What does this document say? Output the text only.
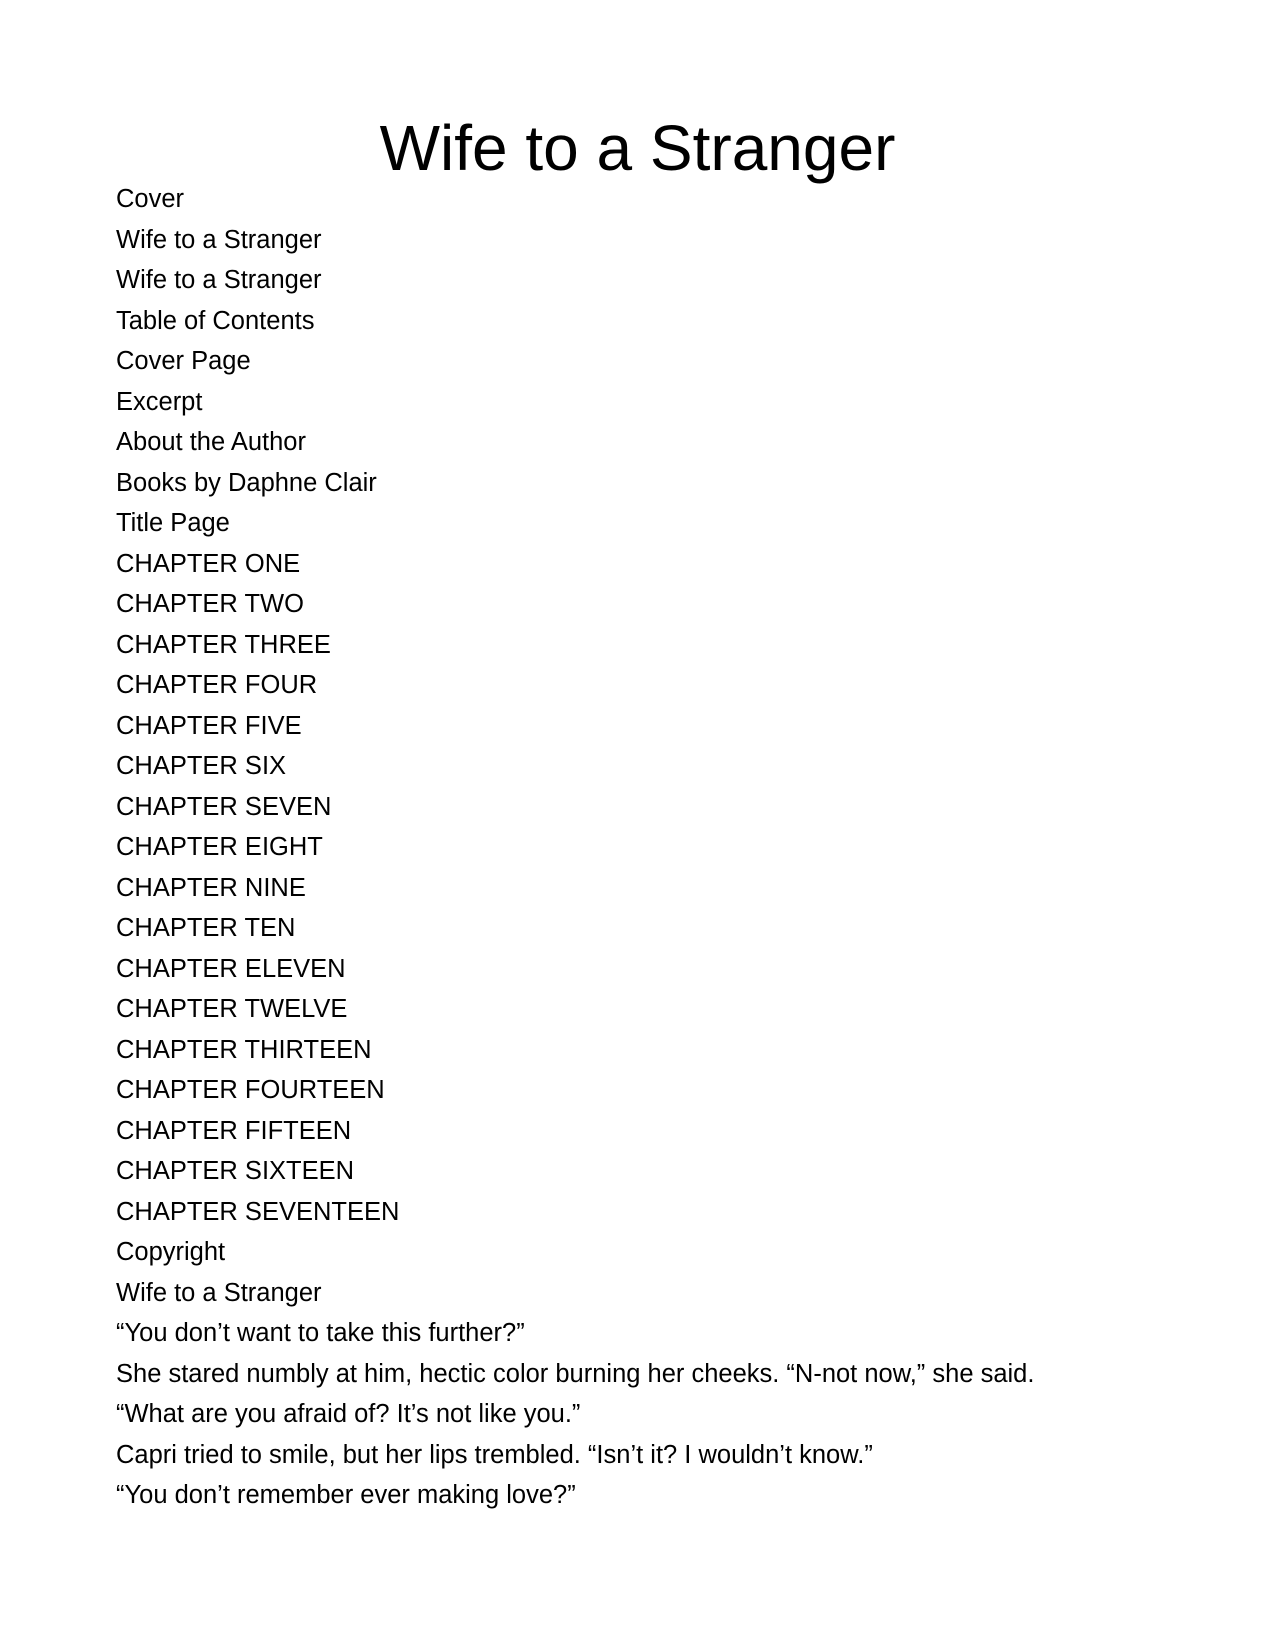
Wife to a Stranger
Cover
Wife to a Stranger
Wife to a Stranger
Table of Contents
Cover Page
Excerpt
About the Author
Books by Daphne Clair
Title Page
CHAPTER ONE
CHAPTER TWO
CHAPTER THREE
CHAPTER FOUR
CHAPTER FIVE
CHAPTER SIX
CHAPTER SEVEN
CHAPTER EIGHT
CHAPTER NINE
CHAPTER TEN
CHAPTER ELEVEN
CHAPTER TWELVE
CHAPTER THIRTEEN
CHAPTER FOURTEEN
CHAPTER FIFTEEN
CHAPTER SIXTEEN
CHAPTER SEVENTEEN
Copyright
Wife to a Stranger
“You don’t want to take this further?”
She stared numbly at him, hectic color burning her cheeks. “N-not now,” she said.
“What are you afraid of? It’s not like you.”
Capri tried to smile, but her lips trembled. “Isn’t it? I wouldn’t know.”
“You don’t remember ever making love?”
